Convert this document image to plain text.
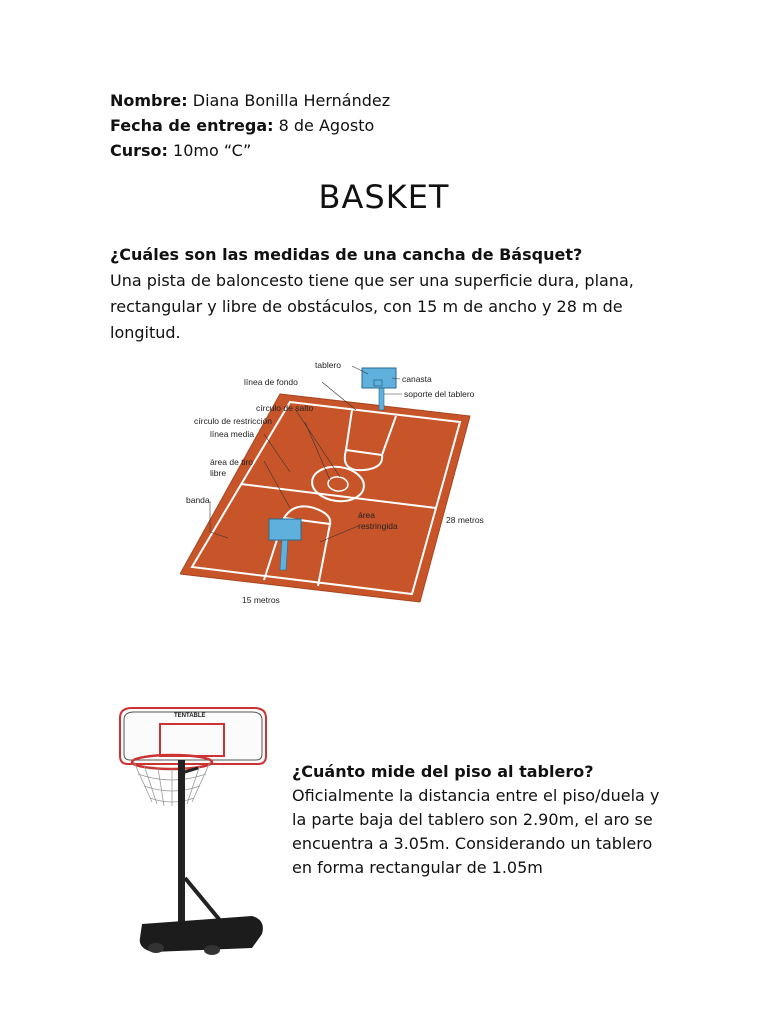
Nombre: Diana Bonilla Hernández
Fecha de entrega: 8 de Agosto
Curso: 10mo “C”
BASKET
¿Cuáles son las medidas de una cancha de Básquet?
Una pista de baloncesto tiene que ser una superficie dura, plana, rectangular y libre de obstáculos, con 15 m de ancho y 28 m de longitud.
tablero
canasta
línea de fondo
soporte del tablero
círculo de salto
círculo de restricción
línea media
área de tiro
libre
banda
área
restringida
28 metros
15 metros
TENTABLE
¿Cuánto mide del piso al tablero?
Oficialmente la distancia entre el piso/duela y la parte baja del tablero son 2.90m, el aro se encuentra a 3.05m. Considerando un tablero en forma rectangular de 1.05m
